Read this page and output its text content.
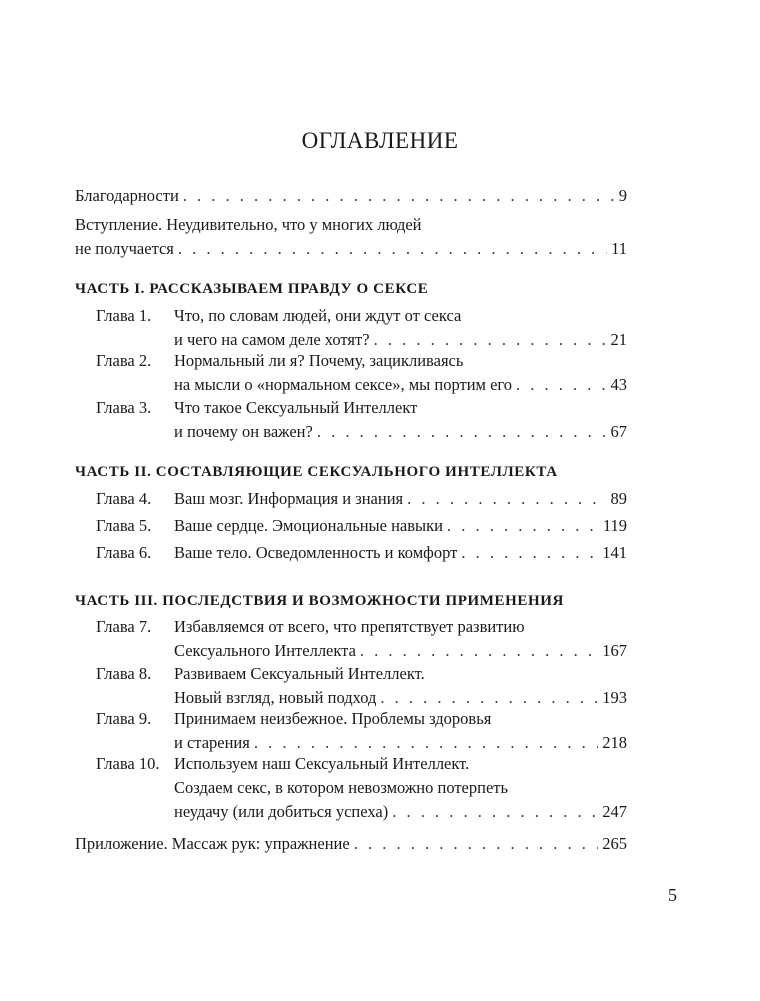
ОГЛАВЛЕНИЕ
Благодарности . . .	9
Вступление. Неудивительно, что у многих людей
не получается . . .	11
ЧАСТЬ I. РАССКАЗЫВАЕМ ПРАВДУ О СЕКСЕ
Глава 1.	Что, по словам людей, они ждут от секса
и чего на самом деле хотят? . . .	21
Глава 2.	Нормальный ли я? Почему, зацикливаясь
на мысли о «нормальном сексе», мы портим его . . .	43
Глава 3.	Что такое Сексуальный Интеллект
и почему он важен? . . .	67
ЧАСТЬ II. СОСТАВЛЯЮЩИЕ СЕКСУАЛЬНОГО ИНТЕЛЛЕКТА
Глава 4.	Ваш мозг. Информация и знания . . .	89
Глава 5.	Ваше сердце. Эмоциональные навыки . . .	119
Глава 6.	Ваше тело. Осведомленность и комфорт . . .	141
ЧАСТЬ III. ПОСЛЕДСТВИЯ И ВОЗМОЖНОСТИ ПРИМЕНЕНИЯ
Глава 7.	Избавляемся от всего, что препятствует развитию
Сексуального Интеллекта . . .	167
Глава 8.	Развиваем Сексуальный Интеллект.
Новый взгляд, новый подход . . .	193
Глава 9.	Принимаем неизбежное. Проблемы здоровья
и старения . . .	218
Глава 10. Используем наш Сексуальный Интеллект.
Создаем секс, в котором невозможно потерпеть
неудачу (или добиться успеха) . . .	247
Приложение. Массаж рук: упражнение . . .	265
5
